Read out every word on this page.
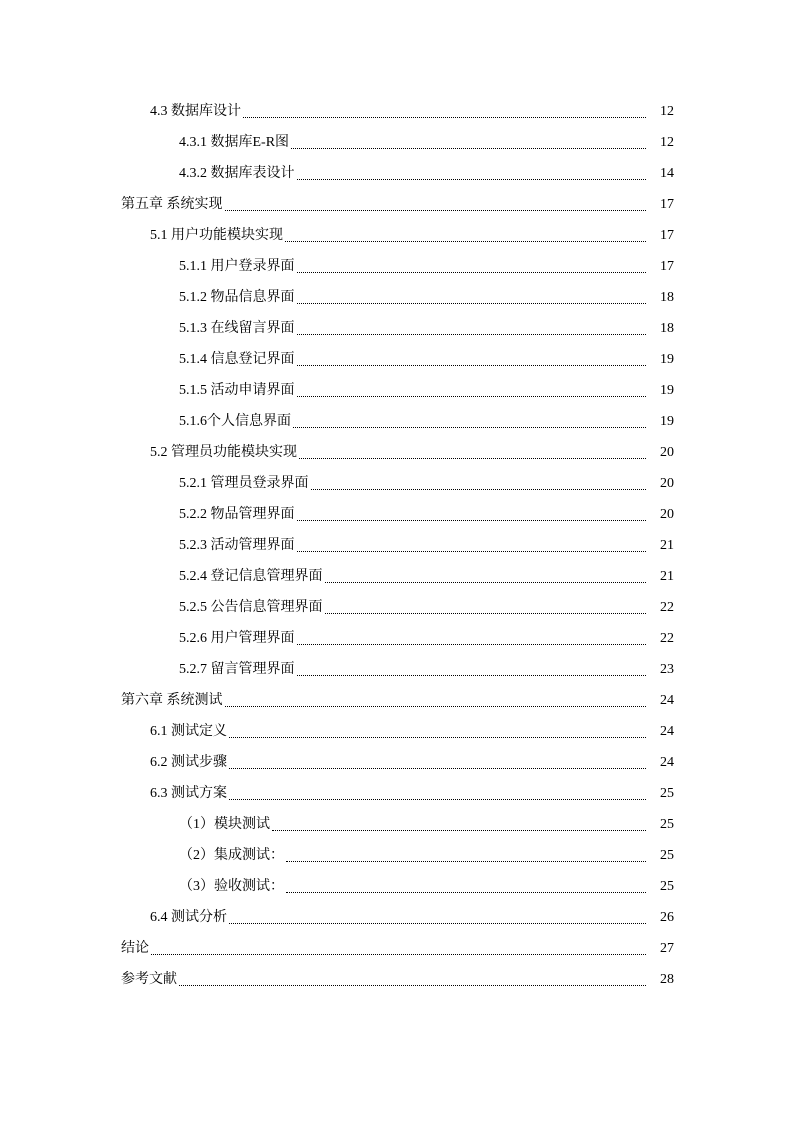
4.3 数据库设计	12
4.3.1 数据库E-R图	12
4.3.2 数据库表设计	14
第五章 系统实现	17
5.1 用户功能模块实现	17
5.1.1 用户登录界面	17
5.1.2 物品信息界面	18
5.1.3 在线留言界面	18
5.1.4 信息登记界面	19
5.1.5 活动申请界面	19
5.1.6个人信息界面	19
5.2 管理员功能模块实现	20
5.2.1 管理员登录界面	20
5.2.2 物品管理界面	20
5.2.3 活动管理界面	21
5.2.4 登记信息管理界面	21
5.2.5 公告信息管理界面	22
5.2.6 用户管理界面	22
5.2.7 留言管理界面	23
第六章 系统测试	24
6.1 测试定义	24
6.2 测试步骤	24
6.3 测试方案	25
（1）模块测试	25
（2）集成测试：	25
（3）验收测试：	25
6.4 测试分析	26
结论	27
参考文献	28
